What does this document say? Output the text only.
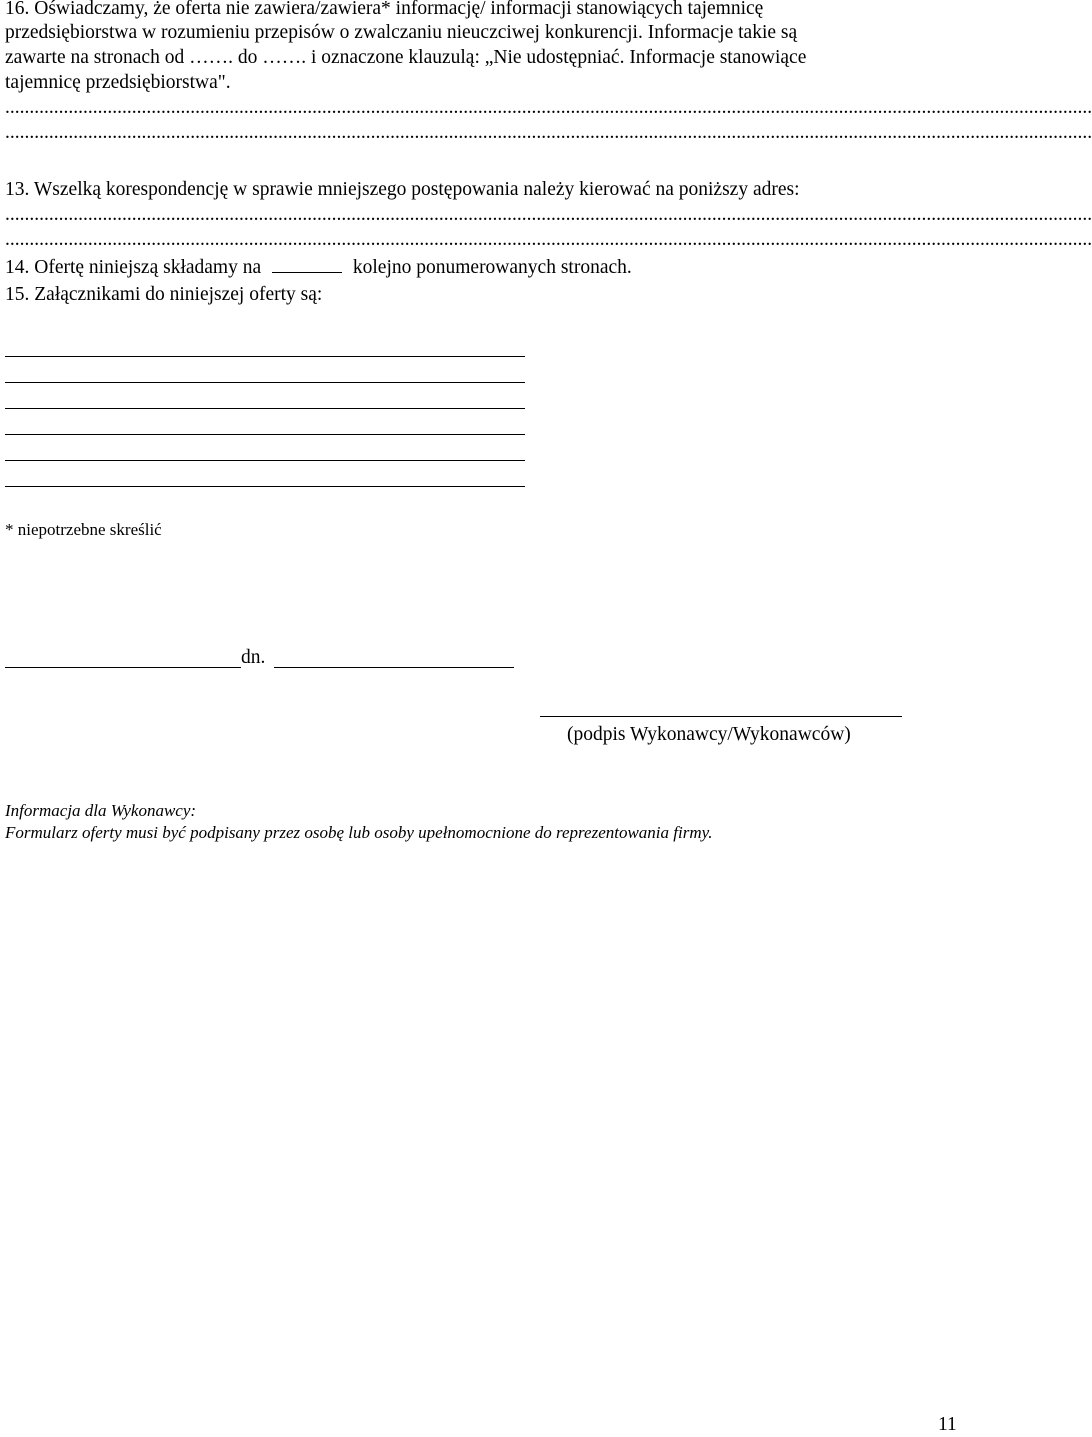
16. Oświadczamy, że oferta nie zawiera/zawiera* informację/ informacji stanowiących tajemnicę
przedsiębiorstwa w rozumieniu przepisów o zwalczaniu nieuczciwej konkurencji. Informacje takie są
zawarte na stronach od ……. do ……. i oznaczone klauzulą: „Nie udostępniać. Informacje stanowiące
tajemnicę przedsiębiorstwa".
...............................................................................................................................................................................................................................
...............................................................................................................................................................................................................................
13. Wszelką korespondencję w sprawie mniejszego postępowania należy kierować na poniższy adres:
...............................................................................................................................................................................................................................
...............................................................................................................................................................................................................................
14. Ofertę niniejszą składamy na	kolejno ponumerowanych stronach.
15. Załącznikami do niniejszej oferty są:
* niepotrzebne skreślić
dn.
(podpis Wykonawcy/Wykonawców)
Informacja dla Wykonawcy:
Formularz oferty musi być podpisany przez osobę lub osoby upełnomocnione do reprezentowania firmy.
11
